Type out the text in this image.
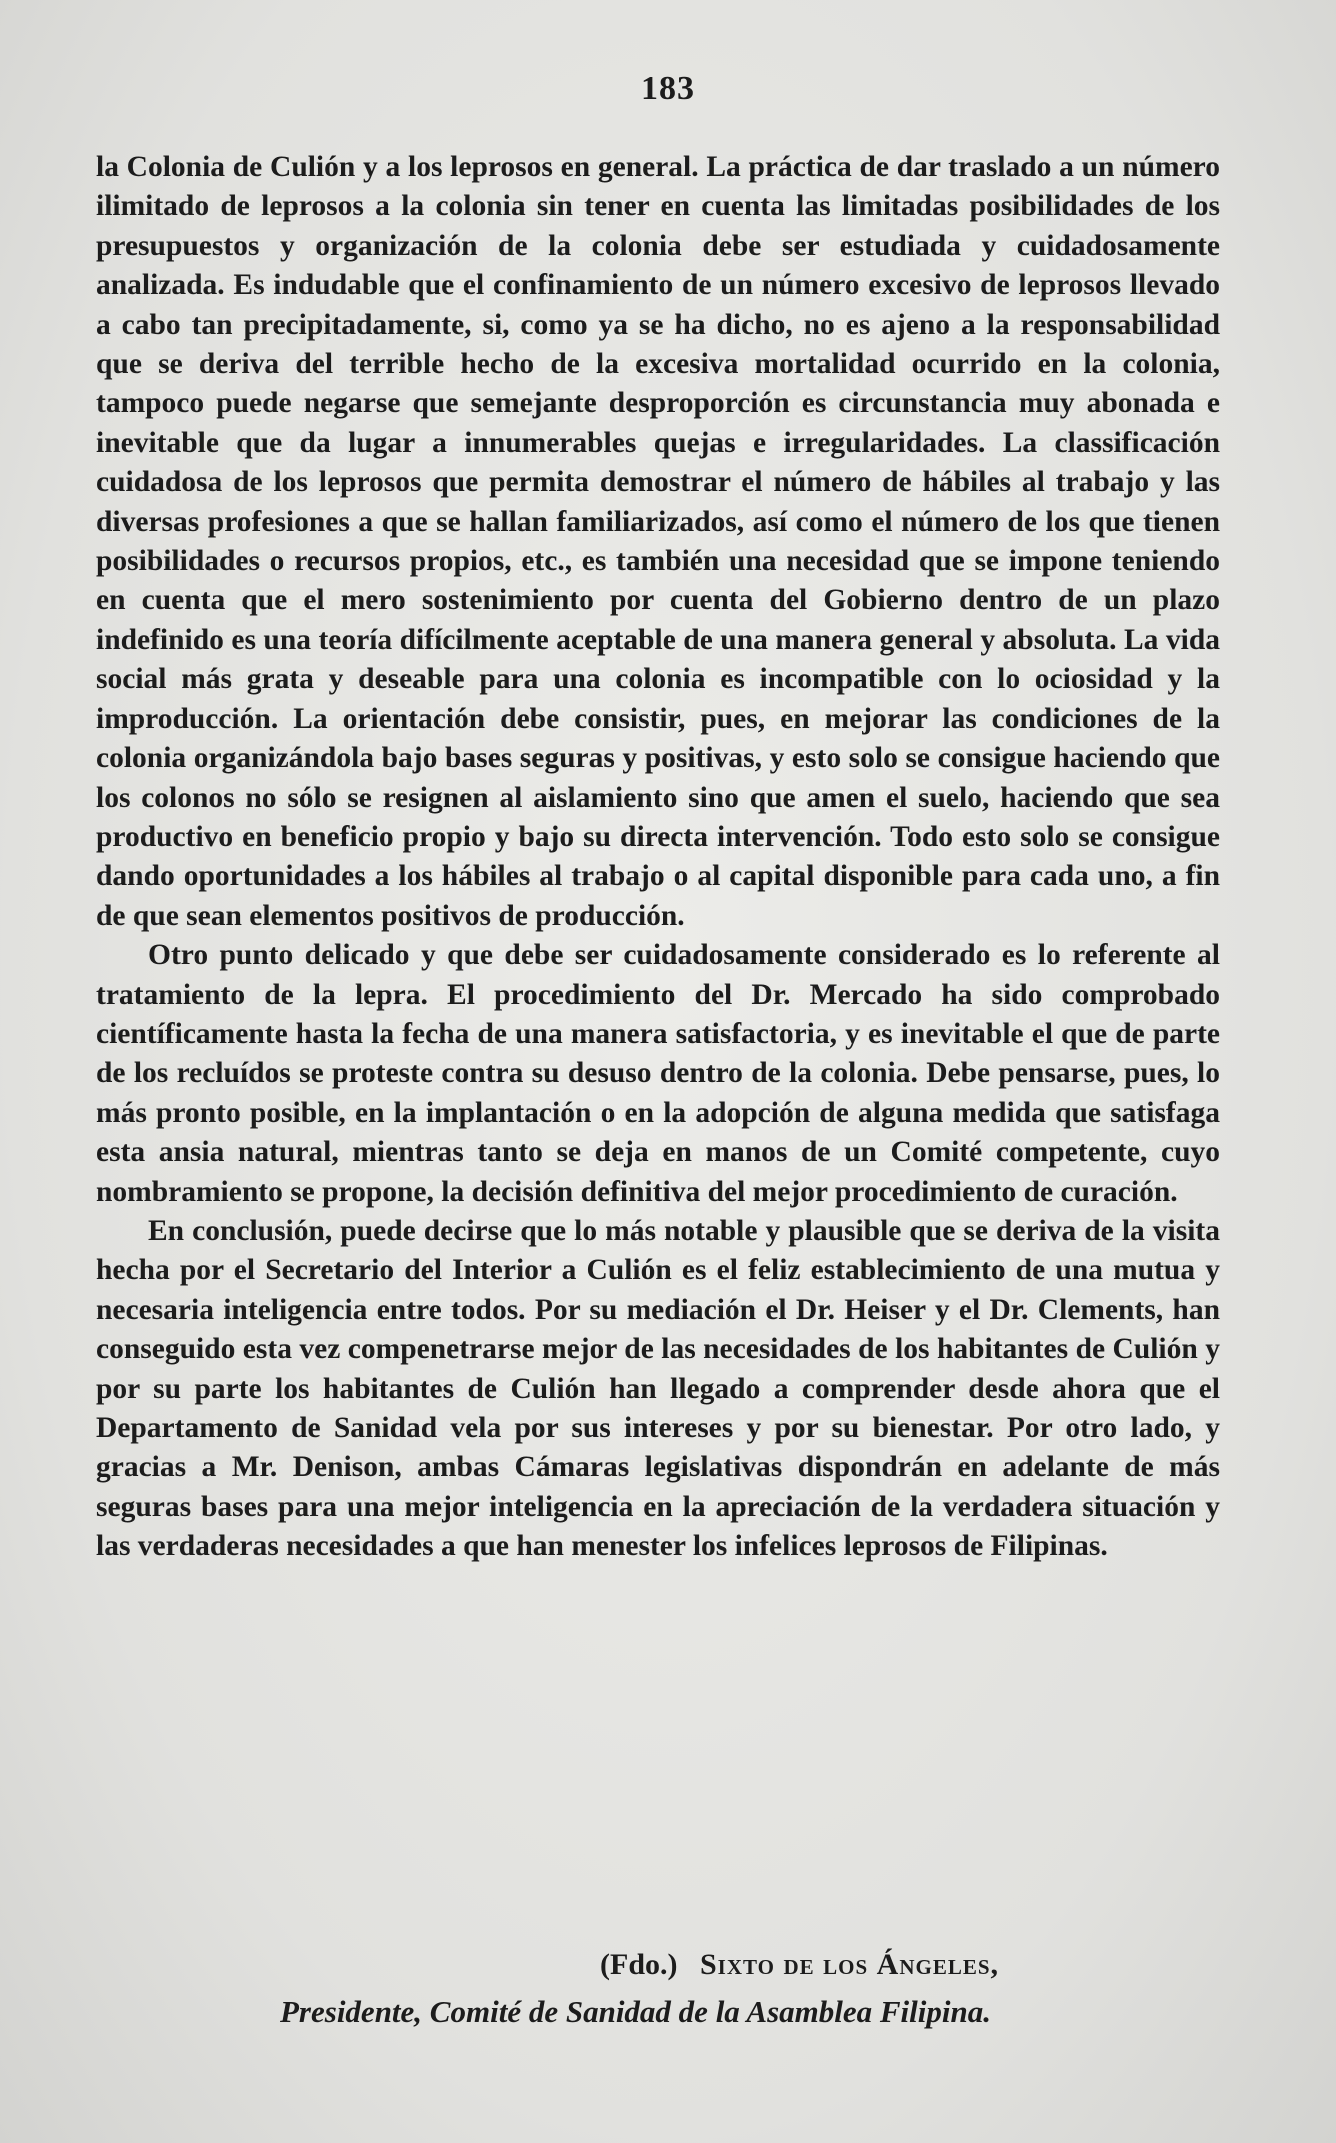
183

la Colonia de Culión y a los leprosos en general. La práctica de dar traslado a un número ilimitado de leprosos a la colonia sin tener en cuenta las limitadas posibilidades de los presupuestos y organización de la colonia debe ser estudiada y cuidadosamente analizada. Es indudable que el confinamiento de un número excesivo de leprosos llevado a cabo tan precipitadamente, si, como ya se ha dicho, no es ajeno a la responsabilidad que se deriva del terrible hecho de la excesiva mortalidad ocurrido en la colonia, tampoco puede negarse que semejante desproporción es circunstancia muy abonada e inevitable que da lugar a innumerables quejas e irregularidades. La classificación cuidadosa de los leprosos que permita demostrar el número de hábiles al trabajo y las diversas profesiones a que se hallan familiarizados, así como el número de los que tienen posibilidades o recursos propios, etc., es también una necesidad que se impone teniendo en cuenta que el mero sostenimiento por cuenta del Gobierno dentro de un plazo indefinido es una teoría difícilmente aceptable de una manera general y absoluta. La vida social más grata y deseable para una colonia es incompatible con lo ociosidad y la improducción. La orientación debe consistir, pues, en mejorar las condiciones de la colonia organizándola bajo bases seguras y positivas, y esto solo se consigue haciendo que los colonos no sólo se resignen al aislamiento sino que amen el suelo, haciendo que sea productivo en beneficio propio y bajo su directa intervención. Todo esto solo se consigue dando oportunidades a los hábiles al trabajo o al capital disponible para cada uno, a fin de que sean elementos positivos de producción.

Otro punto delicado y que debe ser cuidadosamente considerado es lo referente al tratamiento de la lepra. El procedimiento del Dr. Mercado ha sido comprobado científicamente hasta la fecha de una manera satisfactoria, y es inevitable el que de parte de los recluídos se proteste contra su desuso dentro de la colonia. Debe pensarse, pues, lo más pronto posible, en la implantación o en la adopción de alguna medida que satisfaga esta ansia natural, mientras tanto se deja en manos de un Comité competente, cuyo nombramiento se propone, la decisión definitiva del mejor procedimiento de curación.

En conclusión, puede decirse que lo más notable y plausible que se deriva de la visita hecha por el Secretario del Interior a Culión es el feliz establecimiento de una mutua y necesaria inteligencia entre todos. Por su mediación el Dr. Heiser y el Dr. Clements, han conseguido esta vez compenetrarse mejor de las necesidades de los habitantes de Culión y por su parte los habitantes de Culión han llegado a comprender desde ahora que el Departamento de Sanidad vela por sus intereses y por su bienestar. Por otro lado, y gracias a Mr. Denison, ambas Cámaras legislativas dispondrán en adelante de más seguras bases para una mejor inteligencia en la apreciación de la verdadera situación y las verdaderas necesidades a que han menester los infelices leprosos de Filipinas.

(Fdo.) Sixto de los Ángeles,
Presidente, Comité de Sanidad de la Asamblea Filipina.
